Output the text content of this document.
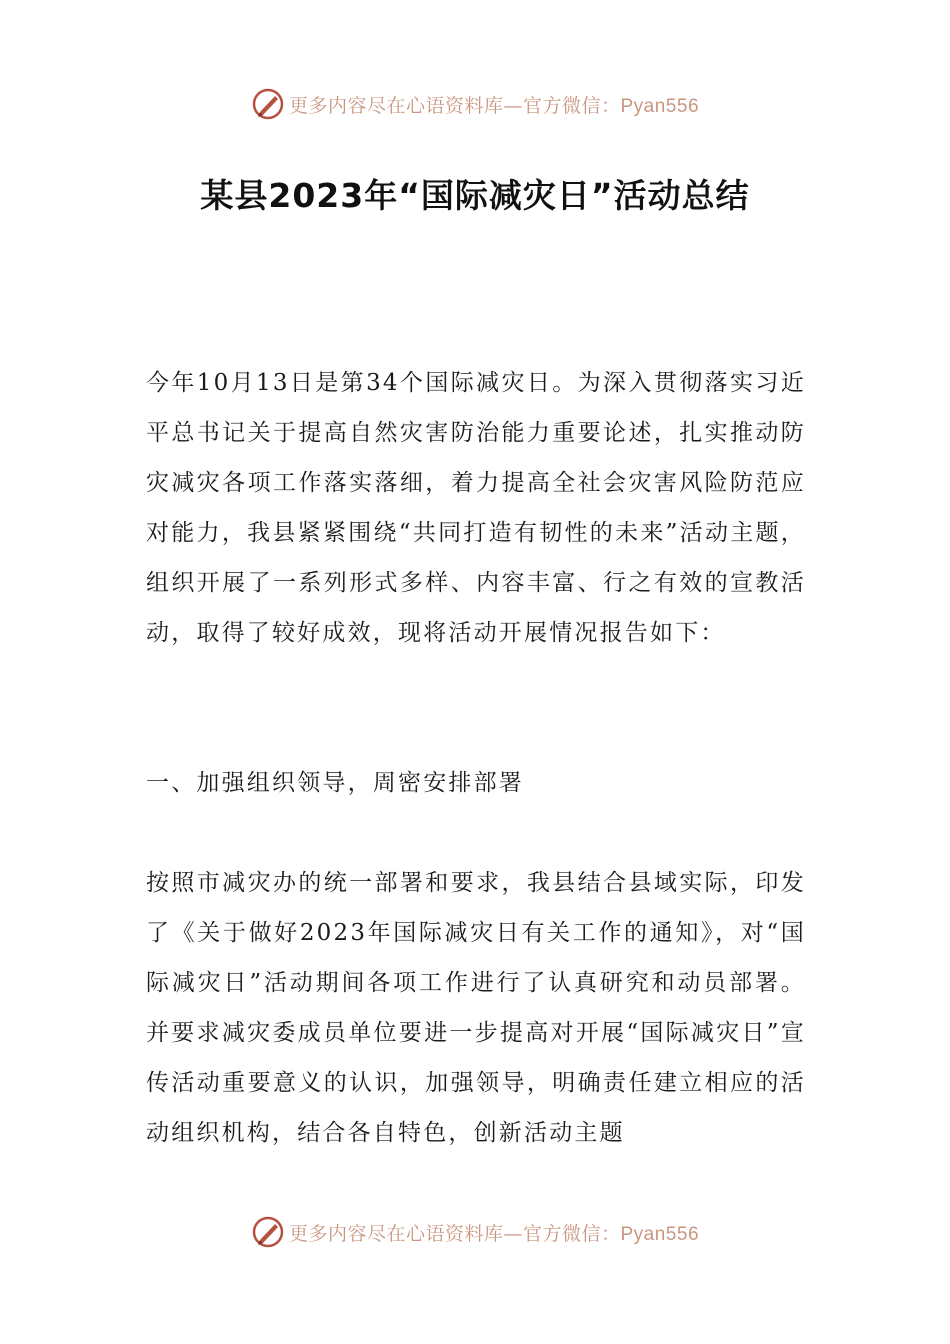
更多内容尽在心语资料库—官方微信：Pyan556
某县2023年“国际减灾日”活动总结

今年10月13日是第34个国际减灾日。为深入贯彻落实习近平总书记关于提高自然灾害防治能力重要论述，扎实推动防灾减灾各项工作落实落细，着力提高全社会灾害风险防范应对能力，我县紧紧围绕“共同打造有韧性的未来”活动主题，组织开展了一系列形式多样、内容丰富、行之有效的宣教活动，取得了较好成效，现将活动开展情况报告如下：

一、加强组织领导，周密安排部署

按照市减灾办的统一部署和要求，我县结合县域实际，印发了《关于做好2023年国际减灾日有关工作的通知》，对“国际减灾日”活动期间各项工作进行了认真研究和动员部署。并要求减灾委成员单位要进一步提高对开展“国际减灾日”宣传活动重要意义的认识，加强领导，明确责任建立相应的活动组织机构，结合各自特色，创新活动主题

更多内容尽在心语资料库—官方微信：Pyan556
